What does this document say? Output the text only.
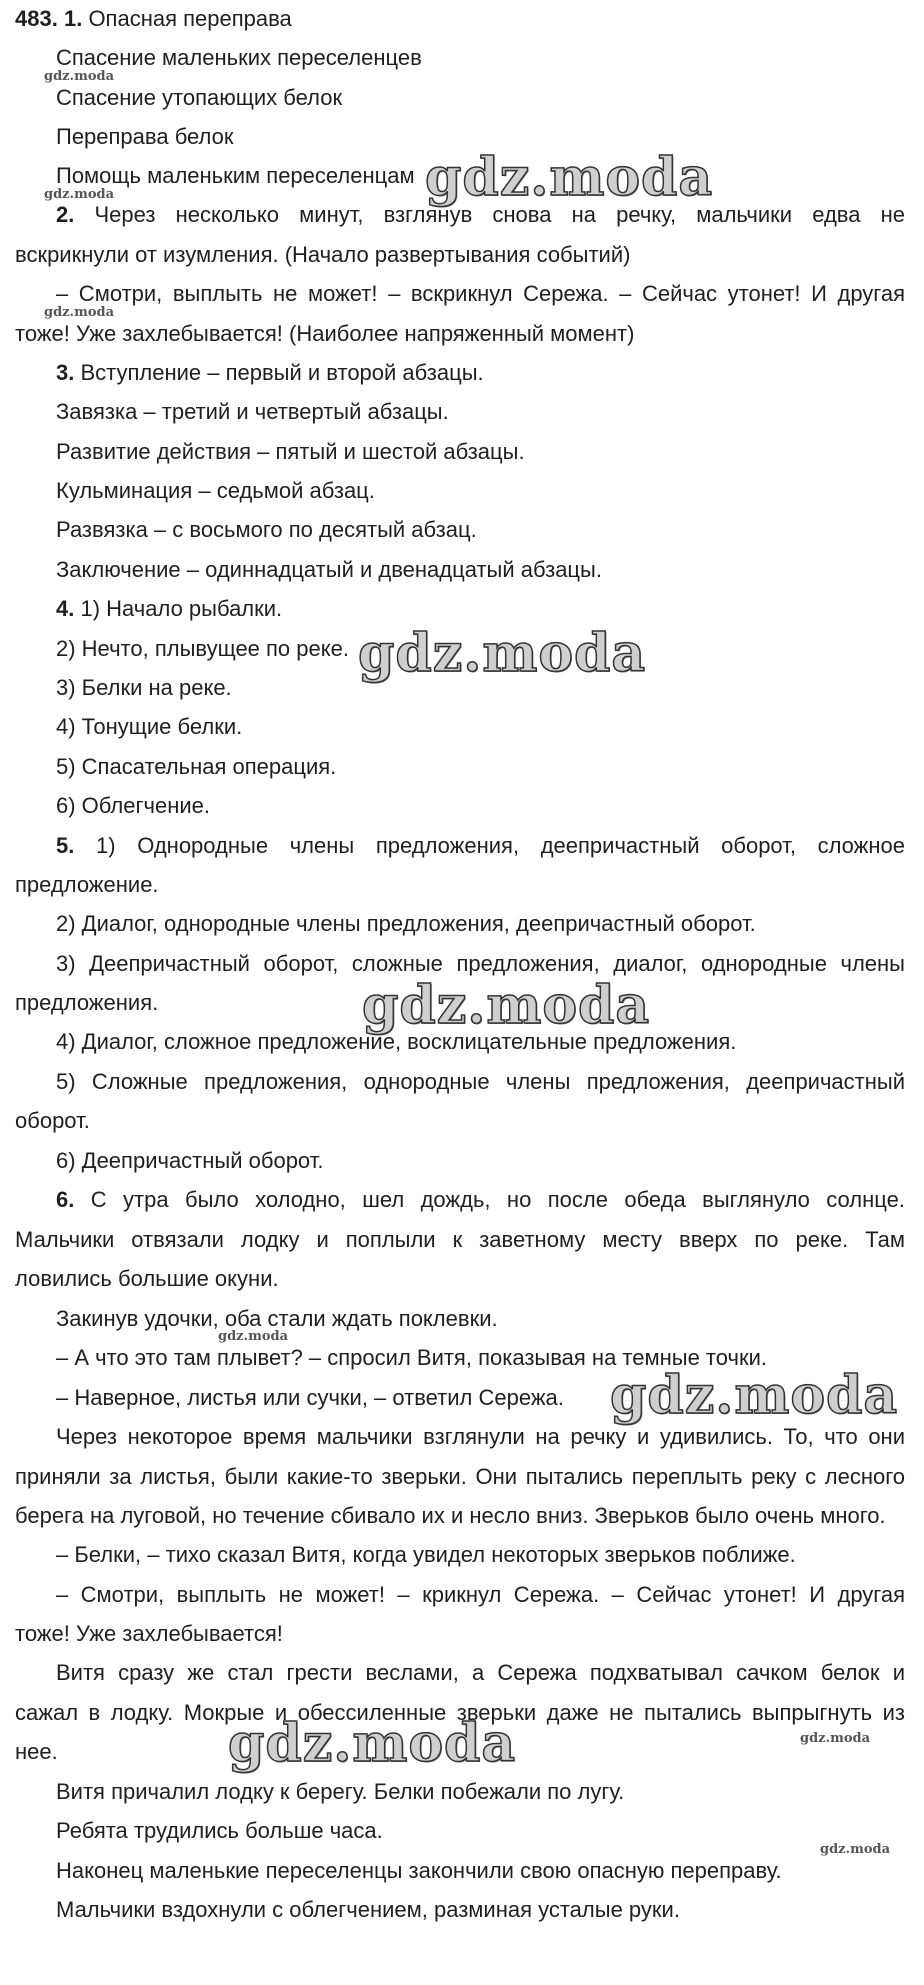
483. 1. Опасная переправа
Спасение маленьких переселенцев
Спасение утопающих белок
Переправа белок
Помощь маленьким переселенцам
2. Через несколько минут, взглянув снова на речку, мальчики едва не
вскрикнули от изумления. (Начало развертывания событий)
– Смотри, выплыть не может! – вскрикнул Сережа. – Сейчас утонет! И другая
тоже! Уже захлебывается! (Наиболее напряженный момент)
3. Вступление – первый и второй абзацы.
Завязка – третий и четвертый абзацы.
Развитие действия – пятый и шестой абзацы.
Кульминация – седьмой абзац.
Развязка – с восьмого по десятый абзац.
Заключение – одиннадцатый и двенадцатый абзацы.
4. 1) Начало рыбалки.
2) Нечто, плывущее по реке.
3) Белки на реке.
4) Тонущие белки.
5) Спасательная операция.
6) Облегчение.
5. 1) Однородные члены предложения, деепричастный оборот, сложное
предложение.
2) Диалог, однородные члены предложения, деепричастный оборот.
3) Деепричастный оборот, сложные предложения, диалог, однородные члены
предложения.
4) Диалог, сложное предложение, восклицательные предложения.
5) Сложные предложения, однородные члены предложения, деепричастный
оборот.
6) Деепричастный оборот.
6. С утра было холодно, шел дождь, но после обеда выглянуло солнце.
Мальчики отвязали лодку и поплыли к заветному месту вверх по реке. Там
ловились большие окуни.
Закинув удочки, оба стали ждать поклевки.
– А что это там плывет? – спросил Витя, показывая на темные точки.
– Наверное, листья или сучки, – ответил Сережа.
Через некоторое время мальчики взглянули на речку и удивились. То, что они
приняли за листья, были какие-то зверьки. Они пытались переплыть реку с лесного
берега на луговой, но течение сбивало их и несло вниз. Зверьков было очень много.
– Белки, – тихо сказал Витя, когда увидел некоторых зверьков поближе.
– Смотри, выплыть не может! – крикнул Сережа. – Сейчас утонет! И другая
тоже! Уже захлебывается!
Витя сразу же стал грести веслами, а Сережа подхватывал сачком белок и
сажал в лодку. Мокрые и обессиленные зверьки даже не пытались выпрыгнуть из
нее.
Витя причалил лодку к берегу. Белки побежали по лугу.
Ребята трудились больше часа.
Наконец маленькие переселенцы закончили свою опасную переправу.
Мальчики вздохнули с облегчением, разминая усталые руки.
gdz.moda
gdz.moda
gdz.moda
gdz.moda
gdz.moda
gdz.moda
gdz.moda
gdz.moda
gdz.moda
gdz.moda
gdz.moda
